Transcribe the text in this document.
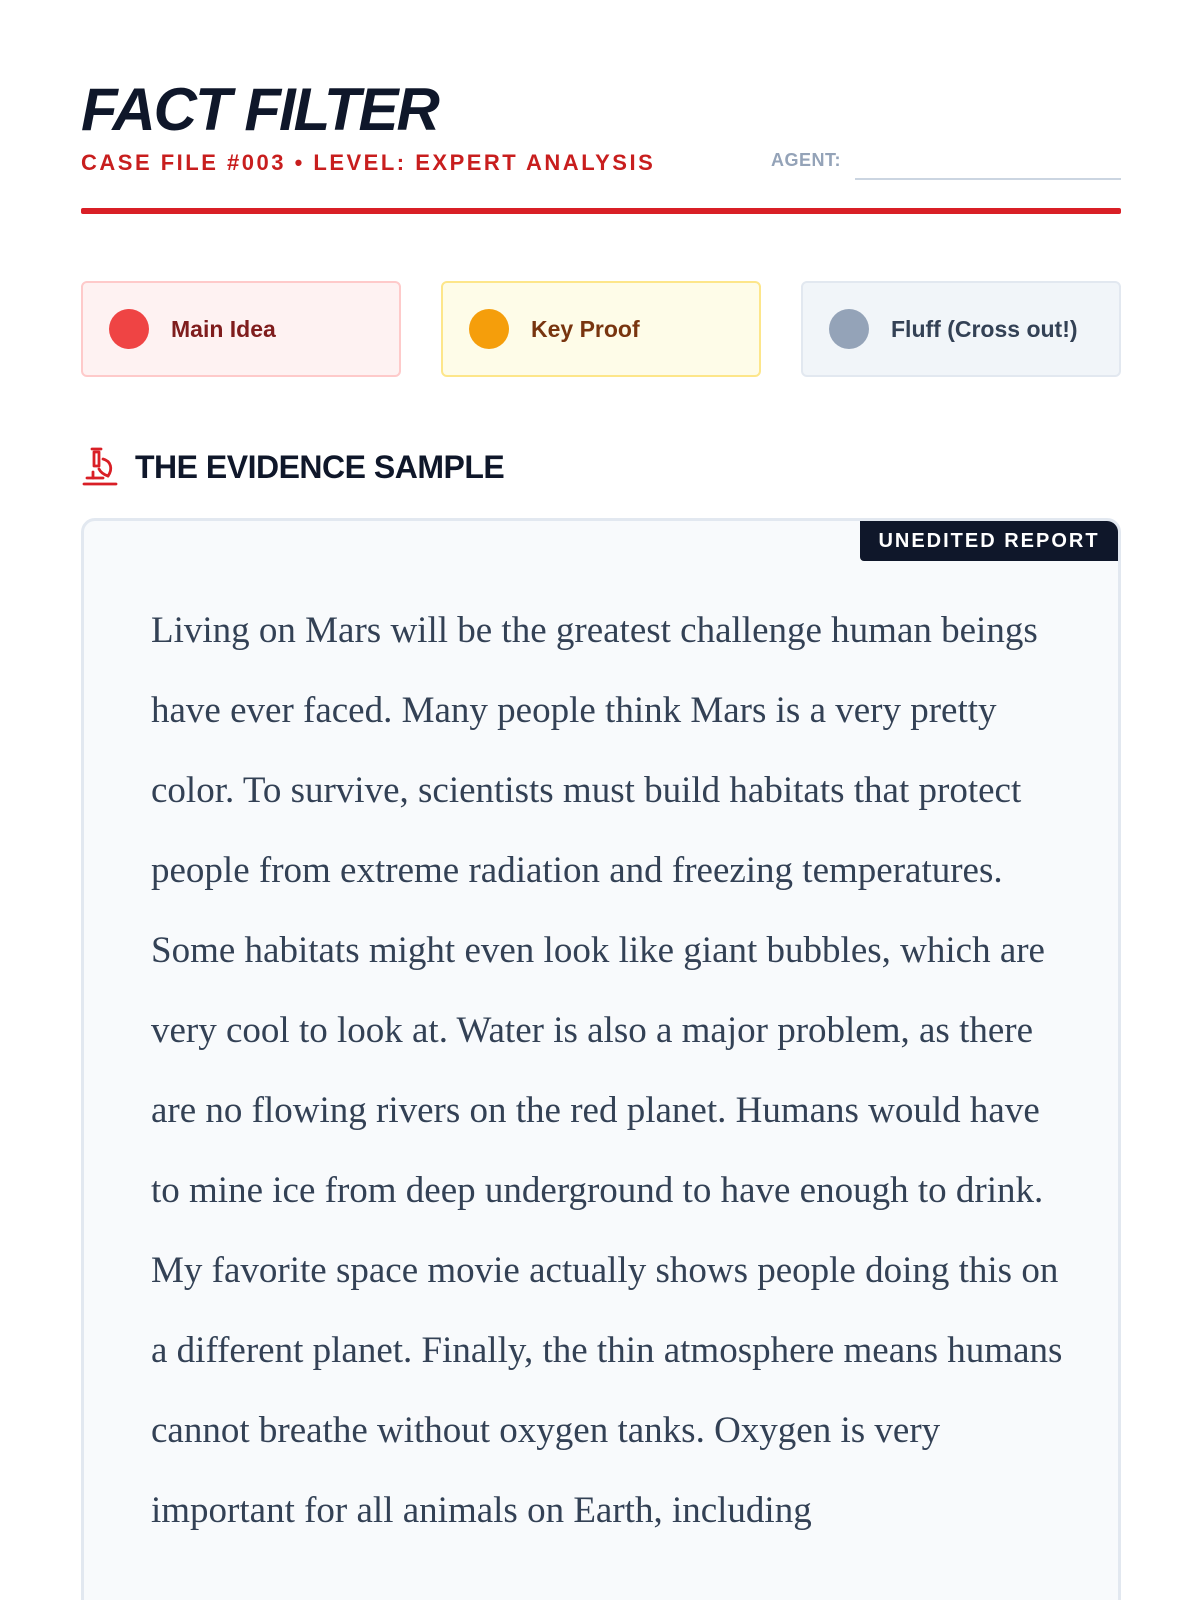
FACT FILTER
CASE FILE #003 • LEVEL: EXPERT ANALYSIS	AGENT:
Main Idea	Key Proof	Fluff (Cross out!)
THE EVIDENCE SAMPLE
UNEDITED REPORT

Living on Mars will be the greatest challenge human beings have ever faced. Many people think Mars is a very pretty color. To survive, scientists must build habitats that protect people from extreme radiation and freezing temperatures. Some habitats might even look like giant bubbles, which are very cool to look at. Water is also a major problem, as there are no flowing rivers on the red planet. Humans would have to mine ice from deep underground to have enough to drink. My favorite space movie actually shows people doing this on a different planet. Finally, the thin atmosphere means humans cannot breathe without oxygen tanks. Oxygen is very important for all animals on Earth, including
